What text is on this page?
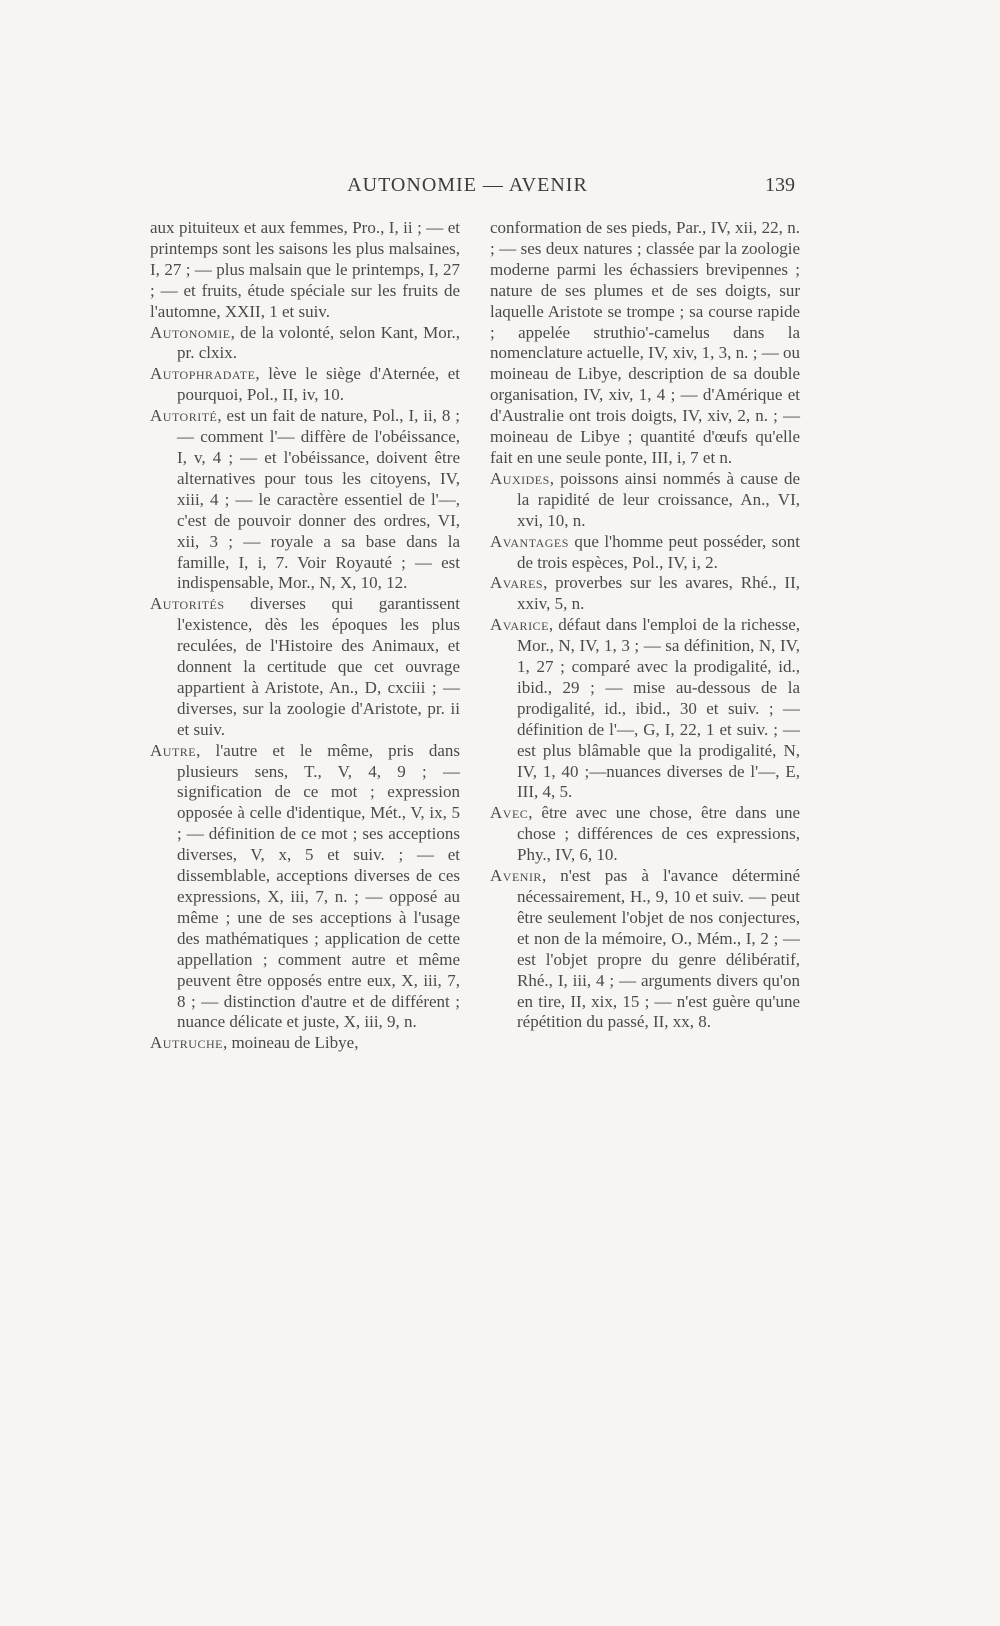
AUTONOMIE — AVENIR	139

aux pituiteux et aux femmes, Pro., I, ii ; — et printemps sont les saisons les plus malsaines, I, 27 ; — plus malsain que le printemps, I, 27 ; — et fruits, étude spéciale sur les fruits de l'automne, XXII, 1 et suiv.

Autonomie, de la volonté, selon Kant, Mor., pr. clxix.

Autophradate, lève le siège d'Aternée, et pourquoi, Pol., II, iv, 10.

Autorité, est un fait de nature, Pol., I, ii, 8 ; — comment l'— diffère de l'obéissance, I, v, 4 ; — et l'obéissance, doivent être alternatives pour tous les citoyens, IV, xiii, 4 ; — le caractère essentiel de l'—, c'est de pouvoir donner des ordres, VI, xii, 3 ; — royale a sa base dans la famille, I, i, 7. Voir Royauté ; — est indispensable, Mor., N, X, 10, 12.

Autorités diverses qui garantissent l'existence, dès les époques les plus reculées, de l'Histoire des Animaux, et donnent la certitude que cet ouvrage appartient à Aristote, An., D, cxciii ; — diverses, sur la zoologie d'Aristote, pr. ii et suiv.

Autre, l'autre et le même, pris dans plusieurs sens, T., V, 4, 9 ; — signification de ce mot ; expression opposée à celle d'identique, Mét., V, ix, 5 ; — définition de ce mot ; ses acceptions diverses, V, x, 5 et suiv. ; — et dissemblable, acceptions diverses de ces expressions, X, iii, 7, n. ; — opposé au même ; une de ses acceptions à l'usage des mathématiques ; application de cette appellation ; comment autre et même peuvent être opposés entre eux, X, iii, 7, 8 ; — distinction d'autre et de différent ; nuance délicate et juste, X, iii, 9, n.

Autruche, moineau de Libye,

conformation de ses pieds, Par., IV, xii, 22, n. ; — ses deux natures ; classée par la zoologie moderne parmi les échassiers brevipennes ; nature de ses plumes et de ses doigts, sur laquelle Aristote se trompe ; sa course rapide ; appelée struthio'-camelus dans la nomenclature actuelle, IV, xiv, 1, 3, n. ; — ou moineau de Libye, description de sa double organisation, IV, xiv, 1, 4 ; — d'Amérique et d'Australie ont trois doigts, IV, xiv, 2, n. ; — moineau de Libye ; quantité d'œufs qu'elle fait en une seule ponte, III, i, 7 et n.

Auxides, poissons ainsi nommés à cause de la rapidité de leur croissance, An., VI, xvi, 10, n.

Avantages que l'homme peut posséder, sont de trois espèces, Pol., IV, i, 2.

Avares, proverbes sur les avares, Rhé., II, xxiv, 5, n.

Avarice, défaut dans l'emploi de la richesse, Mor., N, IV, 1, 3 ; — sa définition, N, IV, 1, 27 ; comparé avec la prodigalité, id., ibid., 29 ; — mise au-dessous de la prodigalité, id., ibid., 30 et suiv. ; — définition de l'—, G, I, 22, 1 et suiv. ; — est plus blâmable que la prodigalité, N, IV, 1, 40 ;—nuances diverses de l'—, E, III, 4, 5.

Avec, être avec une chose, être dans une chose ; différences de ces expressions, Phy., IV, 6, 10.

Avenir, n'est pas à l'avance déterminé nécessairement, H., 9, 10 et suiv. — peut être seulement l'objet de nos conjectures, et non de la mémoire, O., Mém., I, 2 ; — est l'objet propre du genre délibératif, Rhé., I, iii, 4 ; — arguments divers qu'on en tire, II, xix, 15 ; — n'est guère qu'une répétition du passé, II, xx, 8.
